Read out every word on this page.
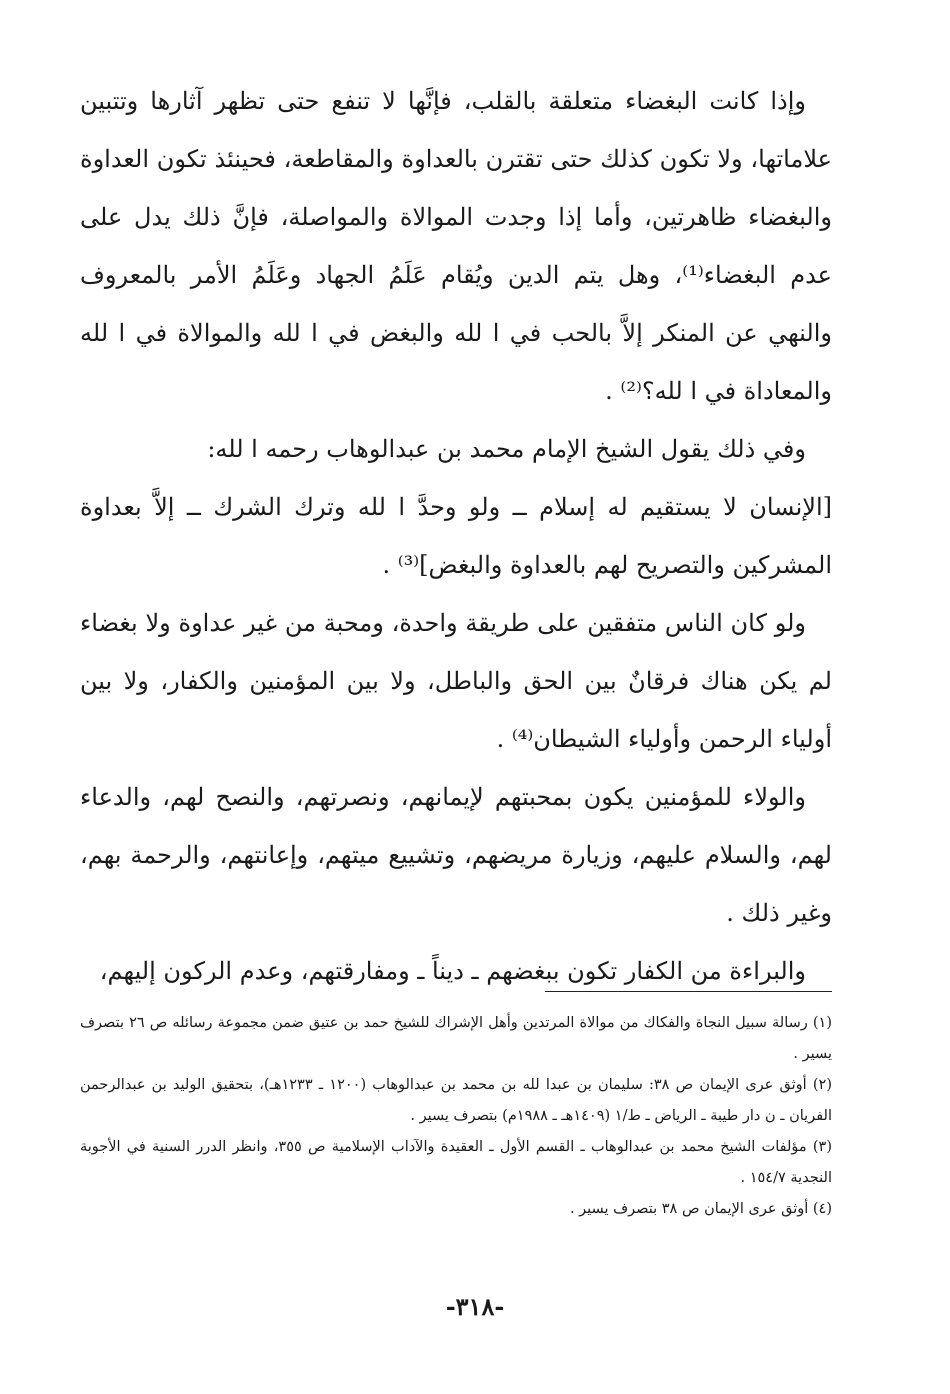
وإذا كانت البغضاء متعلقة بالقلب، فإنَّها لا تنفع حتى تظهر آثارها وتتبين علاماتها، ولا تكون كذلك حتى تقترن بالعداوة والمقاطعة، فحينئذ تكون العداوة والبغضاء ظاهرتين، وأما إذا وجدت الموالاة والمواصلة، فإنَّ ذلك يدل على عدم البغضاء⁽¹⁾، وهل يتم الدين ويُقام عَلَمُ الجهاد وعَلَمُ الأمر بالمعروف والنهي عن المنكر إلاَّ بالحب في ا لله والبغض في ا لله والموالاة في ا لله والمعاداة في ا لله؟⁽²⁾ .

وفي ذلك يقول الشيخ الإمام محمد بن عبدالوهاب رحمه ا لله:

[الإنسان لا يستقيم له إسلام ــ ولو وحدَّ ا لله وترك الشرك ــ إلاَّ بعداوة المشركين والتصريح لهم بالعداوة والبغض]⁽³⁾ .

ولو كان الناس متفقين على طريقة واحدة، ومحبة من غير عداوة ولا بغضاء لم يكن هناك فرقانٌ بين الحق والباطل، ولا بين المؤمنين والكفار، ولا بين أولياء الرحمن وأولياء الشيطان⁽⁴⁾ .

والولاء للمؤمنين يكون بمحبتهم لإيمانهم، ونصرتهم، والنصح لهم، والدعاء لهم، والسلام عليهم، وزيارة مريضهم، وتشييع ميتهم، وإعانتهم، والرحمة بهم، وغير ذلك .

والبراءة من الكفار تكون ببغضهم ـ ديناً ـ ومفارقتهم، وعدم الركون إليهم،

(١) رسالة سبيل النجاة والفكاك من موالاة المرتدين وأهل الإشراك للشيخ حمد بن عتيق ضمن مجموعة رسائله ص ٢٦ بتصرف يسير .

(٢) أوثق عرى الإيمان ص ٣٨: سليمان بن عبدا لله بن محمد بن عبدالوهاب (١٢٠٠ ـ ١٢٣٣هـ)، بتحقيق الوليد بن عبدالرحمن الفريان ـ ن دار طيبة ـ الرياض ـ ط/١ (١٤٠٩هـ ـ ١٩٨٨م) بتصرف يسير .

(٣) مؤلفات الشيخ محمد بن عبدالوهاب ـ القسم الأول ـ العقيدة والآداب الإسلامية ص ٣٥٥، وانظر الدرر السنية في الأجوبة النجدية ١٥٤/٧ .

(٤) أوثق عرى الإيمان ص ٣٨ بتصرف يسير .

-٣١٨-
